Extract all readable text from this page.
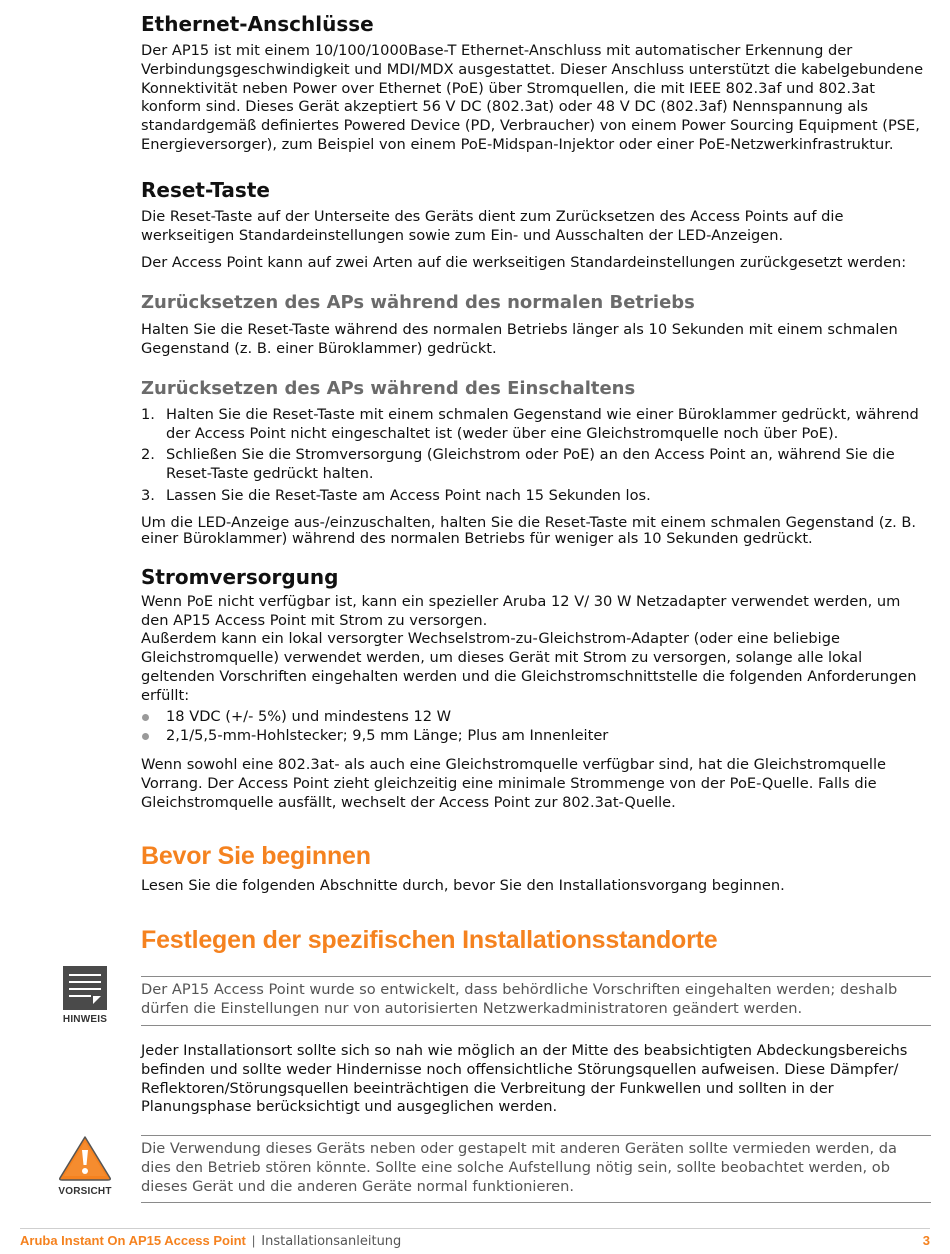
Ethernet-Anschlüsse

Der AP15 ist mit einem 10/100/1000Base-T Ethernet-Anschluss mit automatischer Erkennung der Verbindungsgeschwindigkeit und MDI/MDX ausgestattet. Dieser Anschluss unterstützt die kabelgebundene Konnektivität neben Power over Ethernet (PoE) über Stromquellen, die mit IEEE 802.3af und 802.3at konform sind. Dieses Gerät akzeptiert 56 V DC (802.3at) oder 48 V DC (802.3af) Nennspannung als standardgemäß definiertes Powered Device (PD, Verbraucher) von einem Power Sourcing Equipment (PSE, Energieversorger), zum Beispiel von einem PoE-Midspan-Injektor oder einer PoE-Netzwerkinfrastruktur.

Reset-Taste

Die Reset-Taste auf der Unterseite des Geräts dient zum Zurücksetzen des Access Points auf die werkseitigen Standardeinstellungen sowie zum Ein- und Ausschalten der LED-Anzeigen.

Der Access Point kann auf zwei Arten auf die werkseitigen Standardeinstellungen zurückgesetzt werden:

Zurücksetzen des APs während des normalen Betriebs

Halten Sie die Reset-Taste während des normalen Betriebs länger als 10 Sekunden mit einem schmalen Gegenstand (z. B. einer Büroklammer) gedrückt.

Zurücksetzen des APs während des Einschaltens
1. Halten Sie die Reset-Taste mit einem schmalen Gegenstand wie einer Büroklammer gedrückt, während der Access Point nicht eingeschaltet ist (weder über eine Gleichstromquelle noch über PoE).
2. Schließen Sie die Stromversorgung (Gleichstrom oder PoE) an den Access Point an, während Sie die Reset-Taste gedrückt halten.
3. Lassen Sie die Reset-Taste am Access Point nach 15 Sekunden los.

Um die LED-Anzeige aus-/einzuschalten, halten Sie die Reset-Taste mit einem schmalen Gegenstand (z. B. einer Büroklammer) während des normalen Betriebs für weniger als 10 Sekunden gedrückt.

Stromversorgung

Wenn PoE nicht verfügbar ist, kann ein spezieller Aruba 12 V/ 30 W Netzadapter verwendet werden, um den AP15 Access Point mit Strom zu versorgen.

Außerdem kann ein lokal versorgter Wechselstrom-zu-Gleichstrom-Adapter (oder eine beliebige Gleichstromquelle) verwendet werden, um dieses Gerät mit Strom zu versorgen, solange alle lokal geltenden Vorschriften eingehalten werden und die Gleichstromschnittstelle die folgenden Anforderungen erfüllt:

18 VDC (+/- 5%) und mindestens 12 W
2,1/5,5-mm-Hohlstecker; 9,5 mm Länge; Plus am Innenleiter

Wenn sowohl eine 802.3at- als auch eine Gleichstromquelle verfügbar sind, hat die Gleichstromquelle Vorrang. Der Access Point zieht gleichzeitig eine minimale Strommenge von der PoE-Quelle. Falls die Gleichstromquelle ausfällt, wechselt der Access Point zur 802.3at-Quelle.

Bevor Sie beginnen

Lesen Sie die folgenden Abschnitte durch, bevor Sie den Installationsvorgang beginnen.

Festlegen der spezifischen Installationsstandorte

Der AP15 Access Point wurde so entwickelt, dass behördliche Vorschriften eingehalten werden; deshalb dürfen die Einstellungen nur von autorisierten Netzwerkadministratoren geändert werden.

Jeder Installationsort sollte sich so nah wie möglich an der Mitte des beabsichtigten Abdeckungsbereichs befinden und sollte weder Hindernisse noch offensichtliche Störungsquellen aufweisen. Diese Dämpfer/ Reflektoren/Störungsquellen beeinträchtigen die Verbreitung der Funkwellen und sollten in der Planungsphase berücksichtigt und ausgeglichen werden.

Die Verwendung dieses Geräts neben oder gestapelt mit anderen Geräten sollte vermieden werden, da dies den Betrieb stören könnte. Sollte eine solche Aufstellung nötig sein, sollte beobachtet werden, ob dieses Gerät und die anderen Geräte normal funktionieren.

HINWEIS
VORSICHT
Aruba Instant On AP15 Access Point | Installationsanleitung	3
